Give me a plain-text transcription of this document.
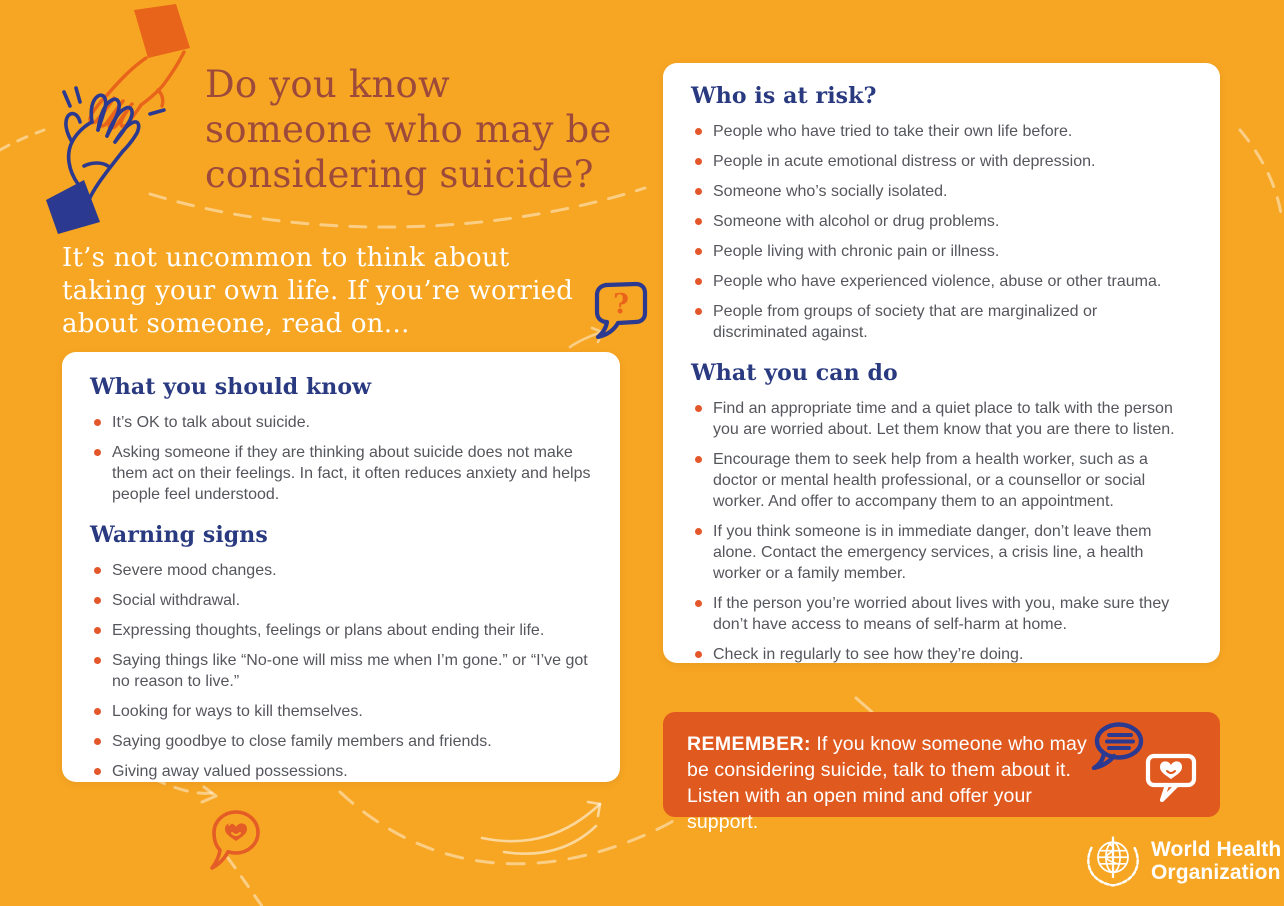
Do you know
someone who may be
considering suicide?
It’s not uncommon to think about
taking your own life. If you’re worried
about someone, read on…
?
What you should know
It’s OK to talk about suicide.
Asking someone if they are thinking about suicide does not make them act on their feelings. In fact, it often reduces anxiety and helps people feel understood.
Warning signs
Severe mood changes.
Social withdrawal.
Expressing thoughts, feelings or plans about ending their life.
Saying things like “No-one will miss me when I’m gone.” or “I’ve got no reason to live.”
Looking for ways to kill themselves.
Saying goodbye to close family members and friends.
Giving away valued possessions.
Who is at risk?
People who have tried to take their own life before.
People in acute emotional distress or with depression.
Someone who’s socially isolated.
Someone with alcohol or drug problems.
People living with chronic pain or illness.
People who have experienced violence, abuse or other trauma.
People from groups of society that are marginalized or discriminated against.
What you can do
Find an appropriate time and a quiet place to talk with the person you are worried about. Let them know that you are there to listen.
Encourage them to seek help from a health worker, such as a doctor or mental health professional, or a counsellor or social worker. And offer to accompany them to an appointment.
If you think someone is in immediate danger, don’t leave them alone. Contact the emergency services, a crisis line, a health worker or a family member.
If the person you’re worried about lives with you, make sure they don’t have access to means of self-harm at home.
Check in regularly to see how they’re doing.

REMEMBER: If you know someone who may be considering suicide, talk to them about it. Listen with an open mind and offer your support.

World Health
Organization
